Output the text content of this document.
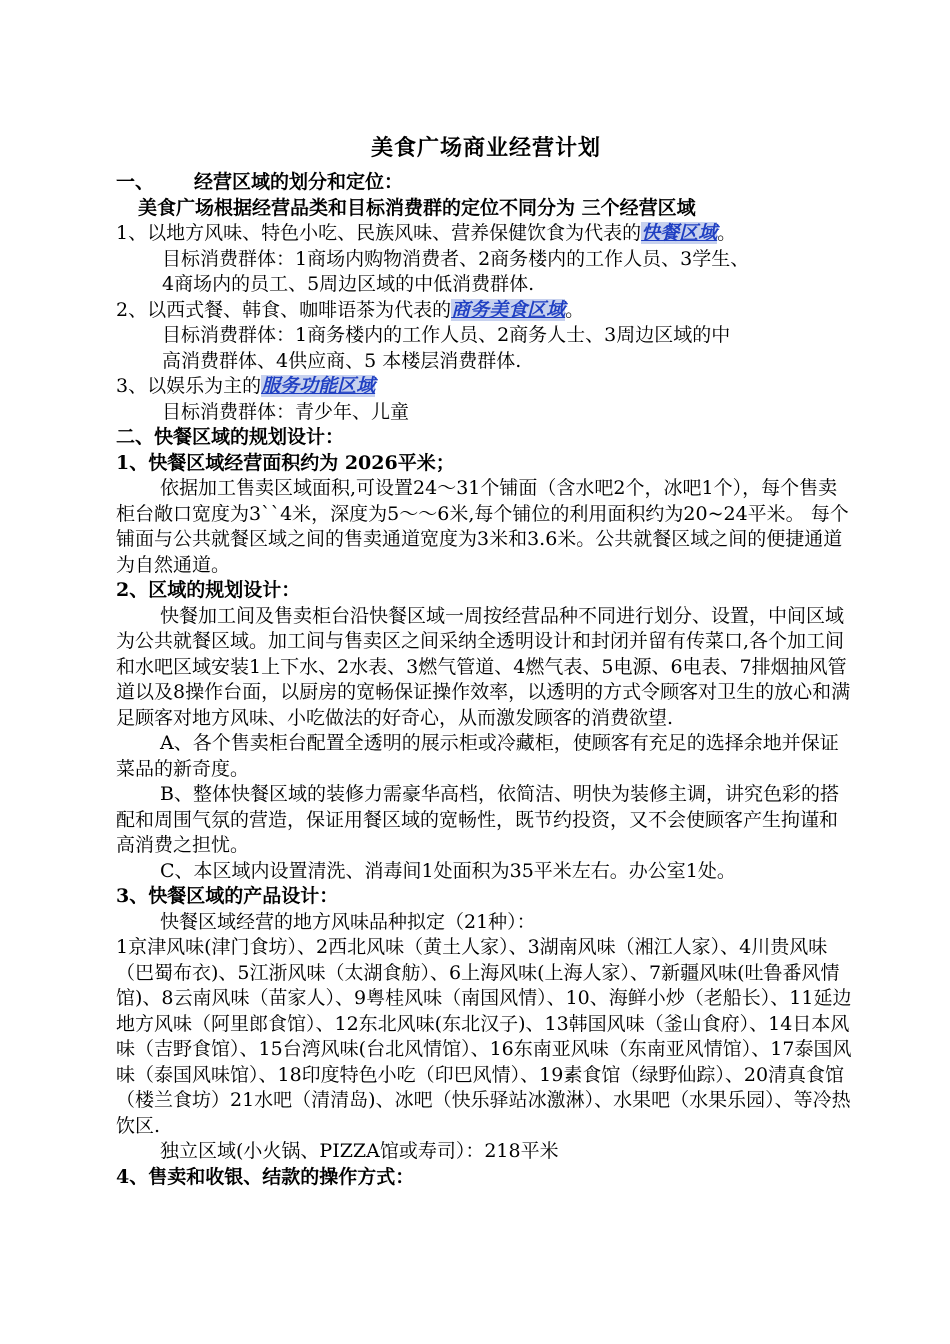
美食广场商业经营计划

一、 经营区域的划分和定位：

美食广场根据经营品类和目标消费群的定位不同分为 三个经营区域

1、以地方风味、特色小吃、民族风味、营养保健饮食为代表的快餐区域。

目标消费群体：1商场内购物消费者、2商务楼内的工作人员、3学生、

4商场内的员工、5周边区域的中低消费群体.

2、以西式餐、韩食、咖啡语茶为代表的商务美食区域。

目标消费群体：1商务楼内的工作人员、2商务人士、3周边区域的中

高消费群体、4供应商、5 本楼层消费群体.

3、以娱乐为主的服务功能区域

目标消费群体：青少年、儿童

二、快餐区域的规划设计：

1、快餐区域经营面积约为 2026平米；

依据加工售卖区域面积,可设置24～31个铺面（含水吧2个，冰吧1个），每个售卖柜台敞口宽度为3``4米，深度为5～～6米,每个铺位的利用面积约为20~24平米。 每个铺面与公共就餐区域之间的售卖通道宽度为3米和3.6米。公共就餐区域之间的便捷通道为自然通道。

2、区域的规划设计：

快餐加工间及售卖柜台沿快餐区域一周按经营品种不同进行划分、设置，中间区域为公共就餐区域。加工间与售卖区之间采纳全透明设计和封闭并留有传菜口,各个加工间和水吧区域安装1上下水、2水表、3燃气管道、4燃气表、5电源、6电表、7排烟抽风管道以及8操作台面，以厨房的宽畅保证操作效率，以透明的方式令顾客对卫生的放心和满足顾客对地方风味、小吃做法的好奇心，从而激发顾客的消费欲望.

A、各个售卖柜台配置全透明的展示柜或冷藏柜，使顾客有充足的选择余地并保证菜品的新奇度。

B、整体快餐区域的装修力需豪华高档，依简洁、明快为装修主调，讲究色彩的搭配和周围气氛的营造，保证用餐区域的宽畅性，既节约投资，又不会使顾客产生拘谨和高消费之担忧。

C、本区域内设置清洗、消毒间1处面积为35平米左右。办公室1处。

3、快餐区域的产品设计：

快餐区域经营的地方风味品种拟定（21种）：

1京津风味(津门食坊）、2西北风味（黄土人家）、3湖南风味（湘江人家）、4川贵风味（巴蜀布衣)、5江浙风味（太湖食舫）、6上海风味(上海人家）、7新疆风味(吐鲁番风情馆)、8云南风味（苗家人）、9粤桂风味（南国风情）、10、海鲜小炒（老船长）、11延边地方风味（阿里郎食馆）、12东北风味(东北汉子)、13韩国风味（釜山食府）、14日本风味（吉野食馆）、15台湾风味(台北风情馆）、16东南亚风味（东南亚风情馆）、17泰国风味（泰国风味馆）、18印度特色小吃（印巴风情）、19素食馆（绿野仙踪）、20清真食馆（楼兰食坊）21水吧（清清岛)、冰吧（快乐驿站冰激淋）、水果吧（水果乐园）、等冷热饮区.

独立区域(小火锅、PIZZA馆或寿司）：218平米

4、售卖和收银、结款的操作方式：
